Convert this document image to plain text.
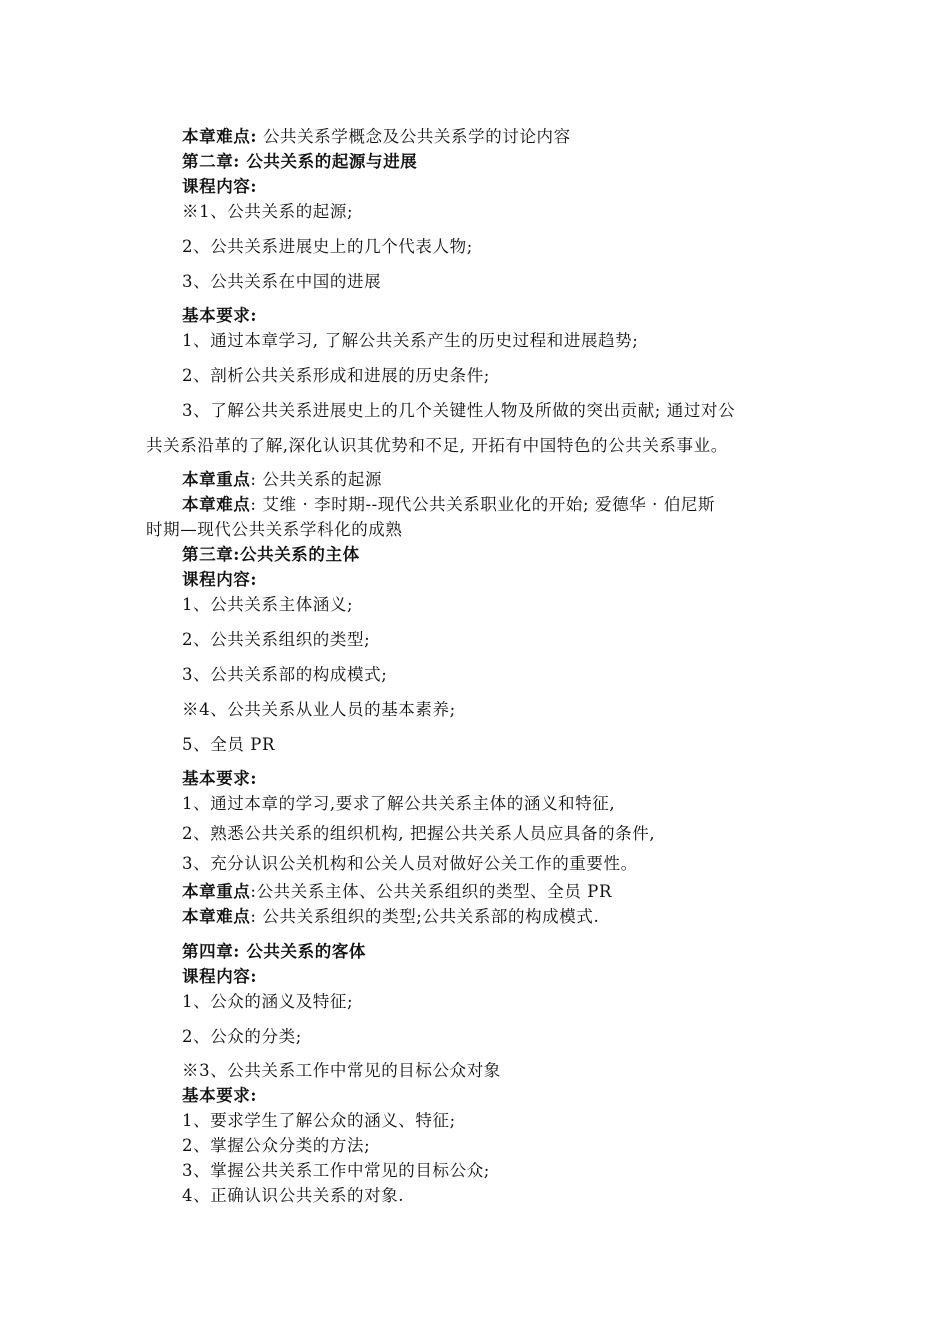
本章难点: 公共关系学概念及公共关系学的讨论内容
第二章: 公共关系的起源与进展
课程内容:
※1、公共关系的起源;
2、公共关系进展史上的几个代表人物;
3、公共关系在中国的进展
基本要求:
1、通过本章学习, 了解公共关系产生的历史过程和进展趋势;
2、剖析公共关系形成和进展的历史条件;
3、了解公共关系进展史上的几个关键性人物及所做的突出贡献; 通过对公
共关系沿革的了解,深化认识其优势和不足, 开拓有中国特色的公共关系事业。
本章重点: 公共关系的起源
本章难点: 艾维 · 李时期--现代公共关系职业化的开始; 爱德华 · 伯尼斯
时期—现代公共关系学科化的成熟
第三章:公共关系的主体
课程内容:
1、公共关系主体涵义;
2、公共关系组织的类型;
3、公共关系部的构成模式;
※4、公共关系从业人员的基本素养;
5、全员 PR
基本要求:
1、通过本章的学习,要求了解公共关系主体的涵义和特征,
2、熟悉公共关系的组织机构, 把握公共关系人员应具备的条件,
3、充分认识公关机构和公关人员对做好公关工作的重要性。
本章重点:公共关系主体、公共关系组织的类型、全员 PR
本章难点: 公共关系组织的类型;公共关系部的构成模式.
第四章: 公共关系的客体
课程内容:
1、公众的涵义及特征;
2、公众的分类;
※3、公共关系工作中常见的目标公众对象
基本要求:
1、要求学生了解公众的涵义、特征;
2、掌握公众分类的方法;
3、掌握公共关系工作中常见的目标公众;
4、正确认识公共关系的对象.
